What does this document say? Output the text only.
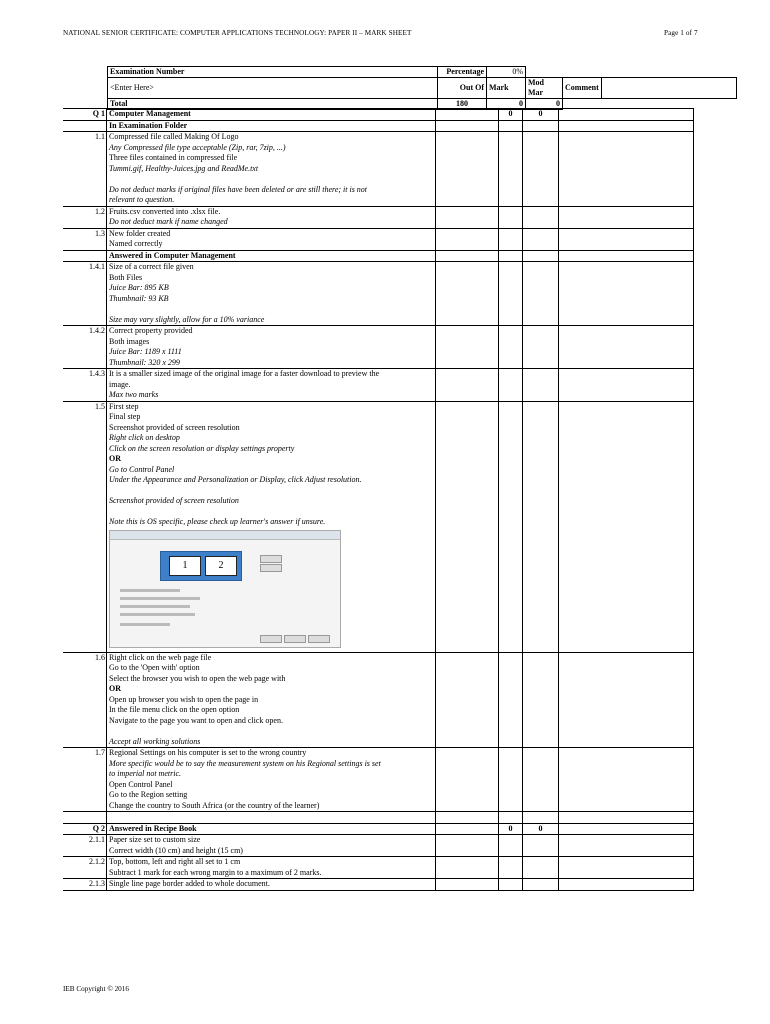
NATIONAL SENIOR CERTIFICATE: COMPUTER APPLICATIONS TECHNOLOGY: PAPER II – MARK SHEET	Page 1 of 7
Examination Number	Percentage	0%			
<Enter Here>	Out Of	Mark	Mod Mar	Comment	
Total	180	0	0		
Q 1 Computer Management	0	0
In Examination Folder
1.1 Compressed file called Making Of Logo
Any Compressed file type acceptable (Zip, rar, 7zip, ...)
Three files contained in compressed file
Tummi.gif, Healthy-Juices.jpg and ReadMe.txt
Do not deduct marks if original files have been deleted or are still there; it is not
relevant to question.
1.2 Fruits.csv converted into .xlsx file.
Do not deduct mark if name changed
1.3 New folder created
Named correctly
Answered in Computer Management
1.4.1 Size of a correct file given
Both Files
Juice Bar: 895 KB
Thumbnail: 93 KB
Size may vary slightly, allow for a 10% variance
1.4.2 Correct property provided
Both images
Juice Bar: 1189 x 1111
Thumbnail: 320 x 299
1.4.3 It is a smaller sized image of the original image for a faster download to preview the
image.
Max two marks
1.5 First step
Final step
Screenshot provided of screen resolution
Right click on desktop
Click on the screen resolution or display settings property
OR
Go to Control Panel
Under the Appearance and Personalization or Display, click Adjust resolution.
Screenshot provided of screen resolution
Note this is OS specific, please check up learner's answer if unsure.
1	2
1.6 Right click on the web page file
Go to the 'Open with' option
Select the browser you wish to open the web page with
OR
Open up browser you wish to open the page in
In the file menu click on the open option
Navigate to the page you want to open and click open.
Accept all working solutions
1.7 Regional Settings on his computer is set to the wrong country
More specific would be to say the measurement system on his Regional settings is set
to imperial not metric.
Open Control Panel
Go to the Region setting
Change the country to South Africa (or the country of the learner)
Q 2 Answered in Recipe Book	0	0
2.1.1 Paper size set to custom size
Correct width (10 cm) and height (15 cm)
2.1.2 Top, bottom, left and right all set to 1 cm
Subtract 1 mark for each wrong margin to a maximum of 2 marks.
2.1.3 Single line page border added to whole document.
IEB Copyright © 2016
